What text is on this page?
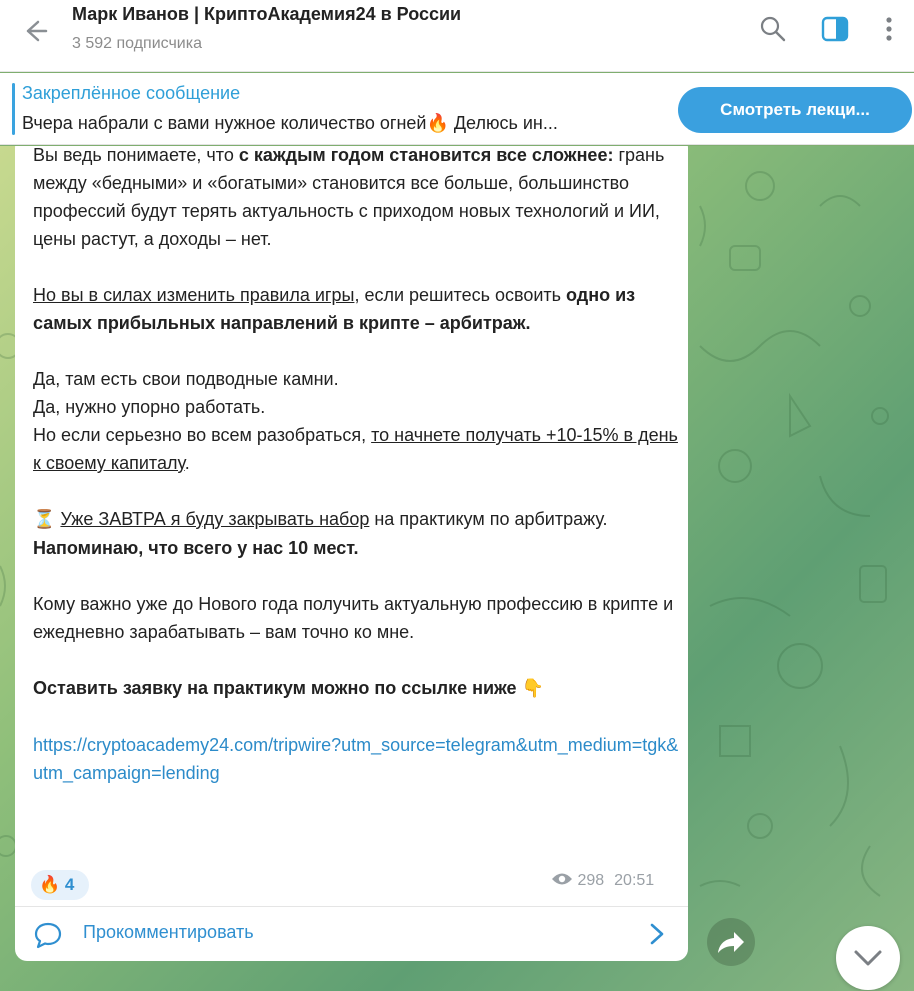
Марк Иванов | КриптоАкадемия24 в России
3 592 подписчика
Закреплённое сообщение
Вчера набрали с вами нужное количество огней🔥 Делюсь ин...
Смотреть лекци...

Вы ведь понимаете, что с каждым годом становится все сложнее: грань между «бедными» и «богатыми» становится все больше, большинство профессий будут терять актуальность с приходом новых технологий и ИИ, цены растут, а доходы – нет.

Но вы в силах изменить правила игры, если решитесь освоить одно из самых прибыльных направлений в крипте – арбитраж.

Да, там есть свои подводные камни.
Да, нужно упорно работать.
Но если серьезно во всем разобраться, то начнете получать +10-15% в день к своему капиталу.

⏳ Уже ЗАВТРА я буду закрывать набор на практикум по арбитражу. Напоминаю, что всего у нас 10 мест.

Кому важно уже до Нового года получить актуальную профессию в крипте и ежедневно зарабатывать – вам точно ко мне.

Оставить заявку на практикум можно по ссылке ниже 👇

https://cryptoacademy24.com/tripwire?utm_source=telegram&utm_medium=tgk&utm_campaign=lending

🔥 4	298 20:51
Прокомментировать
